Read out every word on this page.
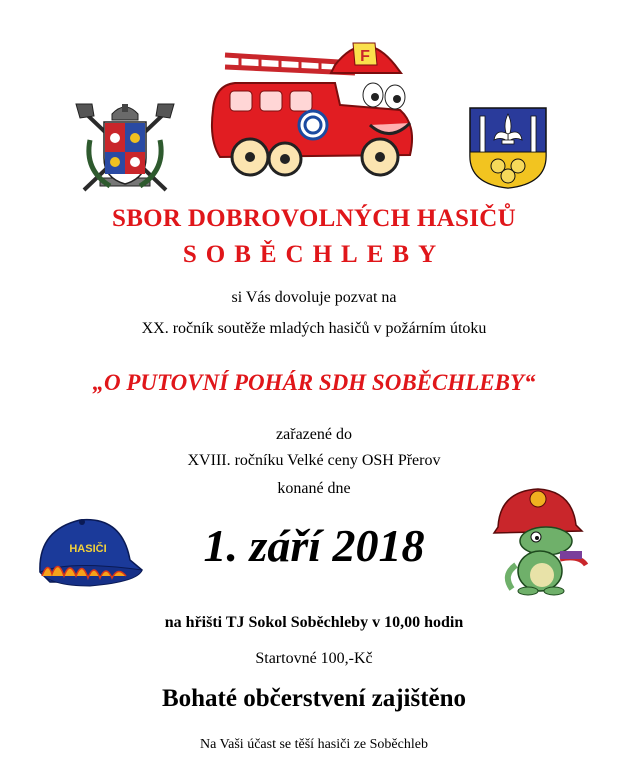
F
SBOR DOBROVOLNÝCH HASIČŮ
SOBĚCHLEBY
si Vás dovoluje pozvat na
XX. ročník soutěže mladých hasičů v požárním útoku
„O PUTOVNÍ POHÁR SDH SOBĚCHLEBY“
zařazené do
XVIII. ročníku Velké ceny OSH Přerov
konané dne
HASIČI	1. září 2018
na hřišti TJ Sokol Soběchleby v 10,00 hodin
Startovné 100,-Kč
Bohaté občerstvení zajištěno
Na Vaši účast se těší hasiči ze Soběchleb
